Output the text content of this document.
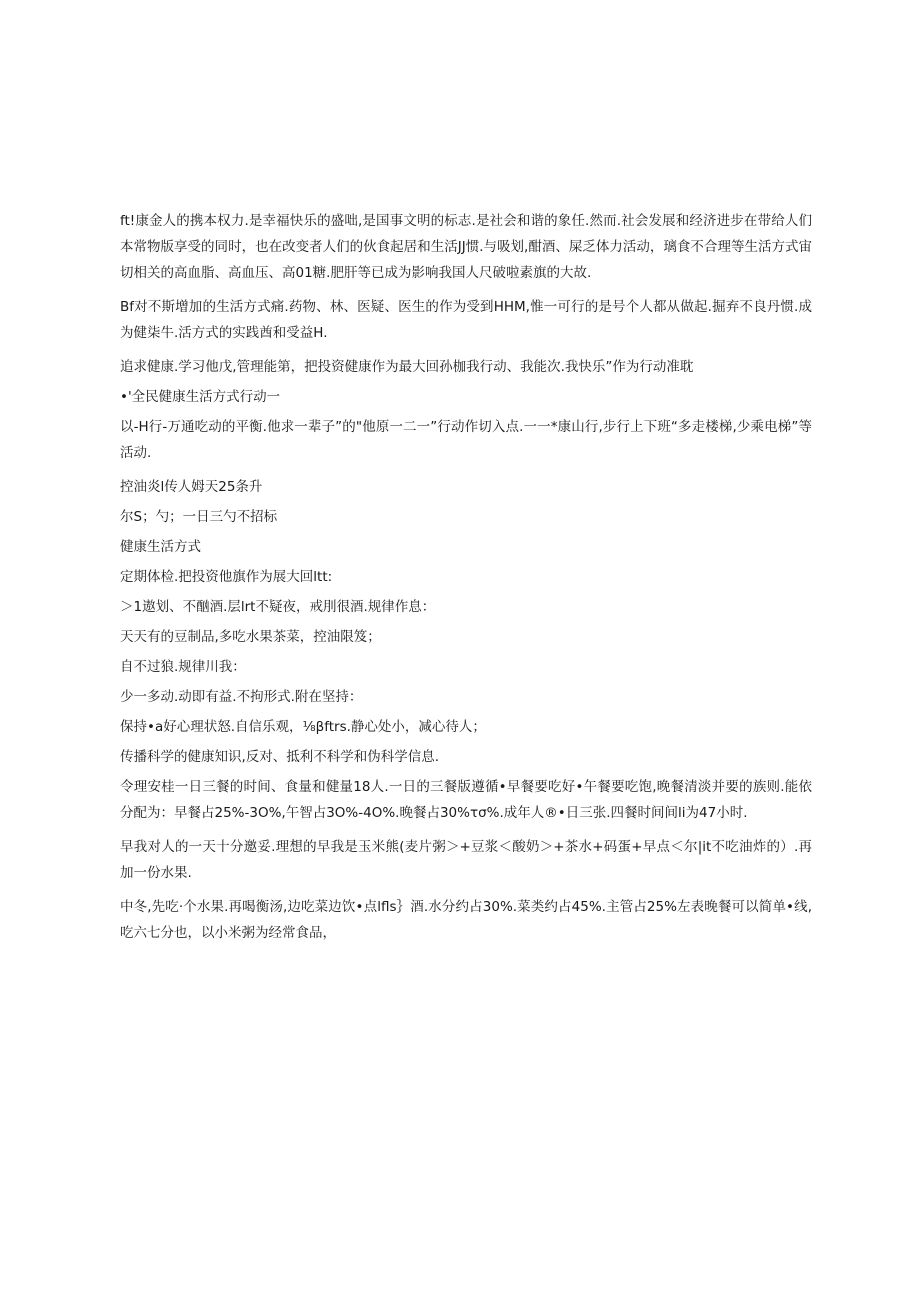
ft!康金人的携本权力.是幸福快乐的盛咄,是国事文明的标志.是社会和谐的象任.然而.社会发展和经济进步在带给人们本常物版享受的同时，也在改变者人们的伙食起居和生活JJ惯.与吸划,酣酒、屎乏体力活动，璃食不合理等生活方式宙切相关的高血脂、高血压、高01糖.肥肝等已成为影响我国人尺破啦素旗的大故.

Bf对不斯增加的生活方式痛.药物、林、医疑、医生的作为受到HHM,惟一可行的是号个人都从做起.掘弃不良丹惯.成为健柒牛.活方式的实践酋和受益H.

追求健康.学习他戊,管理能第，把投资健康作为最大回孙枷我行动、我能次.我快乐”作为行动准耽

•'全民健康生活方式行动一

以-H行-万通吃动的平衡.他求一辈子”的"他原一二一”行动作切入点.一一*康山行,步行上下班“多走楼梯,少乘电梯”等活动.

控油炎l传人姆天25条升

尔S；勺；一日三勺不招标

健康生活方式

定期体检.把投资他旗作为展大回ltt:

＞1遨划、不酗酒.层lrt不疑夜，戒刖很酒.规律作息：

天天有的豆制品,多吃水果茶菜，控油限笈；

自不过狼.规律川我：

少一多动.动即有益.不拘形式.附在坚持：

保持•a好心理状怒.自信乐观，⅛βftrs.静心处小，减心待人；

传播科学的健康知识,反对、抵利不科学和伪科学信息.

令理安桂一日三餐的时间、食量和健量18人.一日的三餐版遵循•早餐要吃好•午餐要吃饱,晚餐清淡并要的族则.能依分配为：早餐占25%-3O%,午智占3O%-4O%.晚餐占30%τσ%.成年人®•日三张.四餐时间间li为47小时.

早我对人的一天十分邀妥.理想的早我是玉米熊(麦片粥＞+豆浆＜酸奶＞+茶水+码蛋+早点＜尔|it不吃油炸的）.再加一份水果.

中冬,先吃·个水果.再喝衡汤,边吃菜边饮•点lfls｝酒.水分约占30%.菜类约占45%.主管占25%左表晚餐可以简单•线,吃六七分也，以小米粥为经常食品，
